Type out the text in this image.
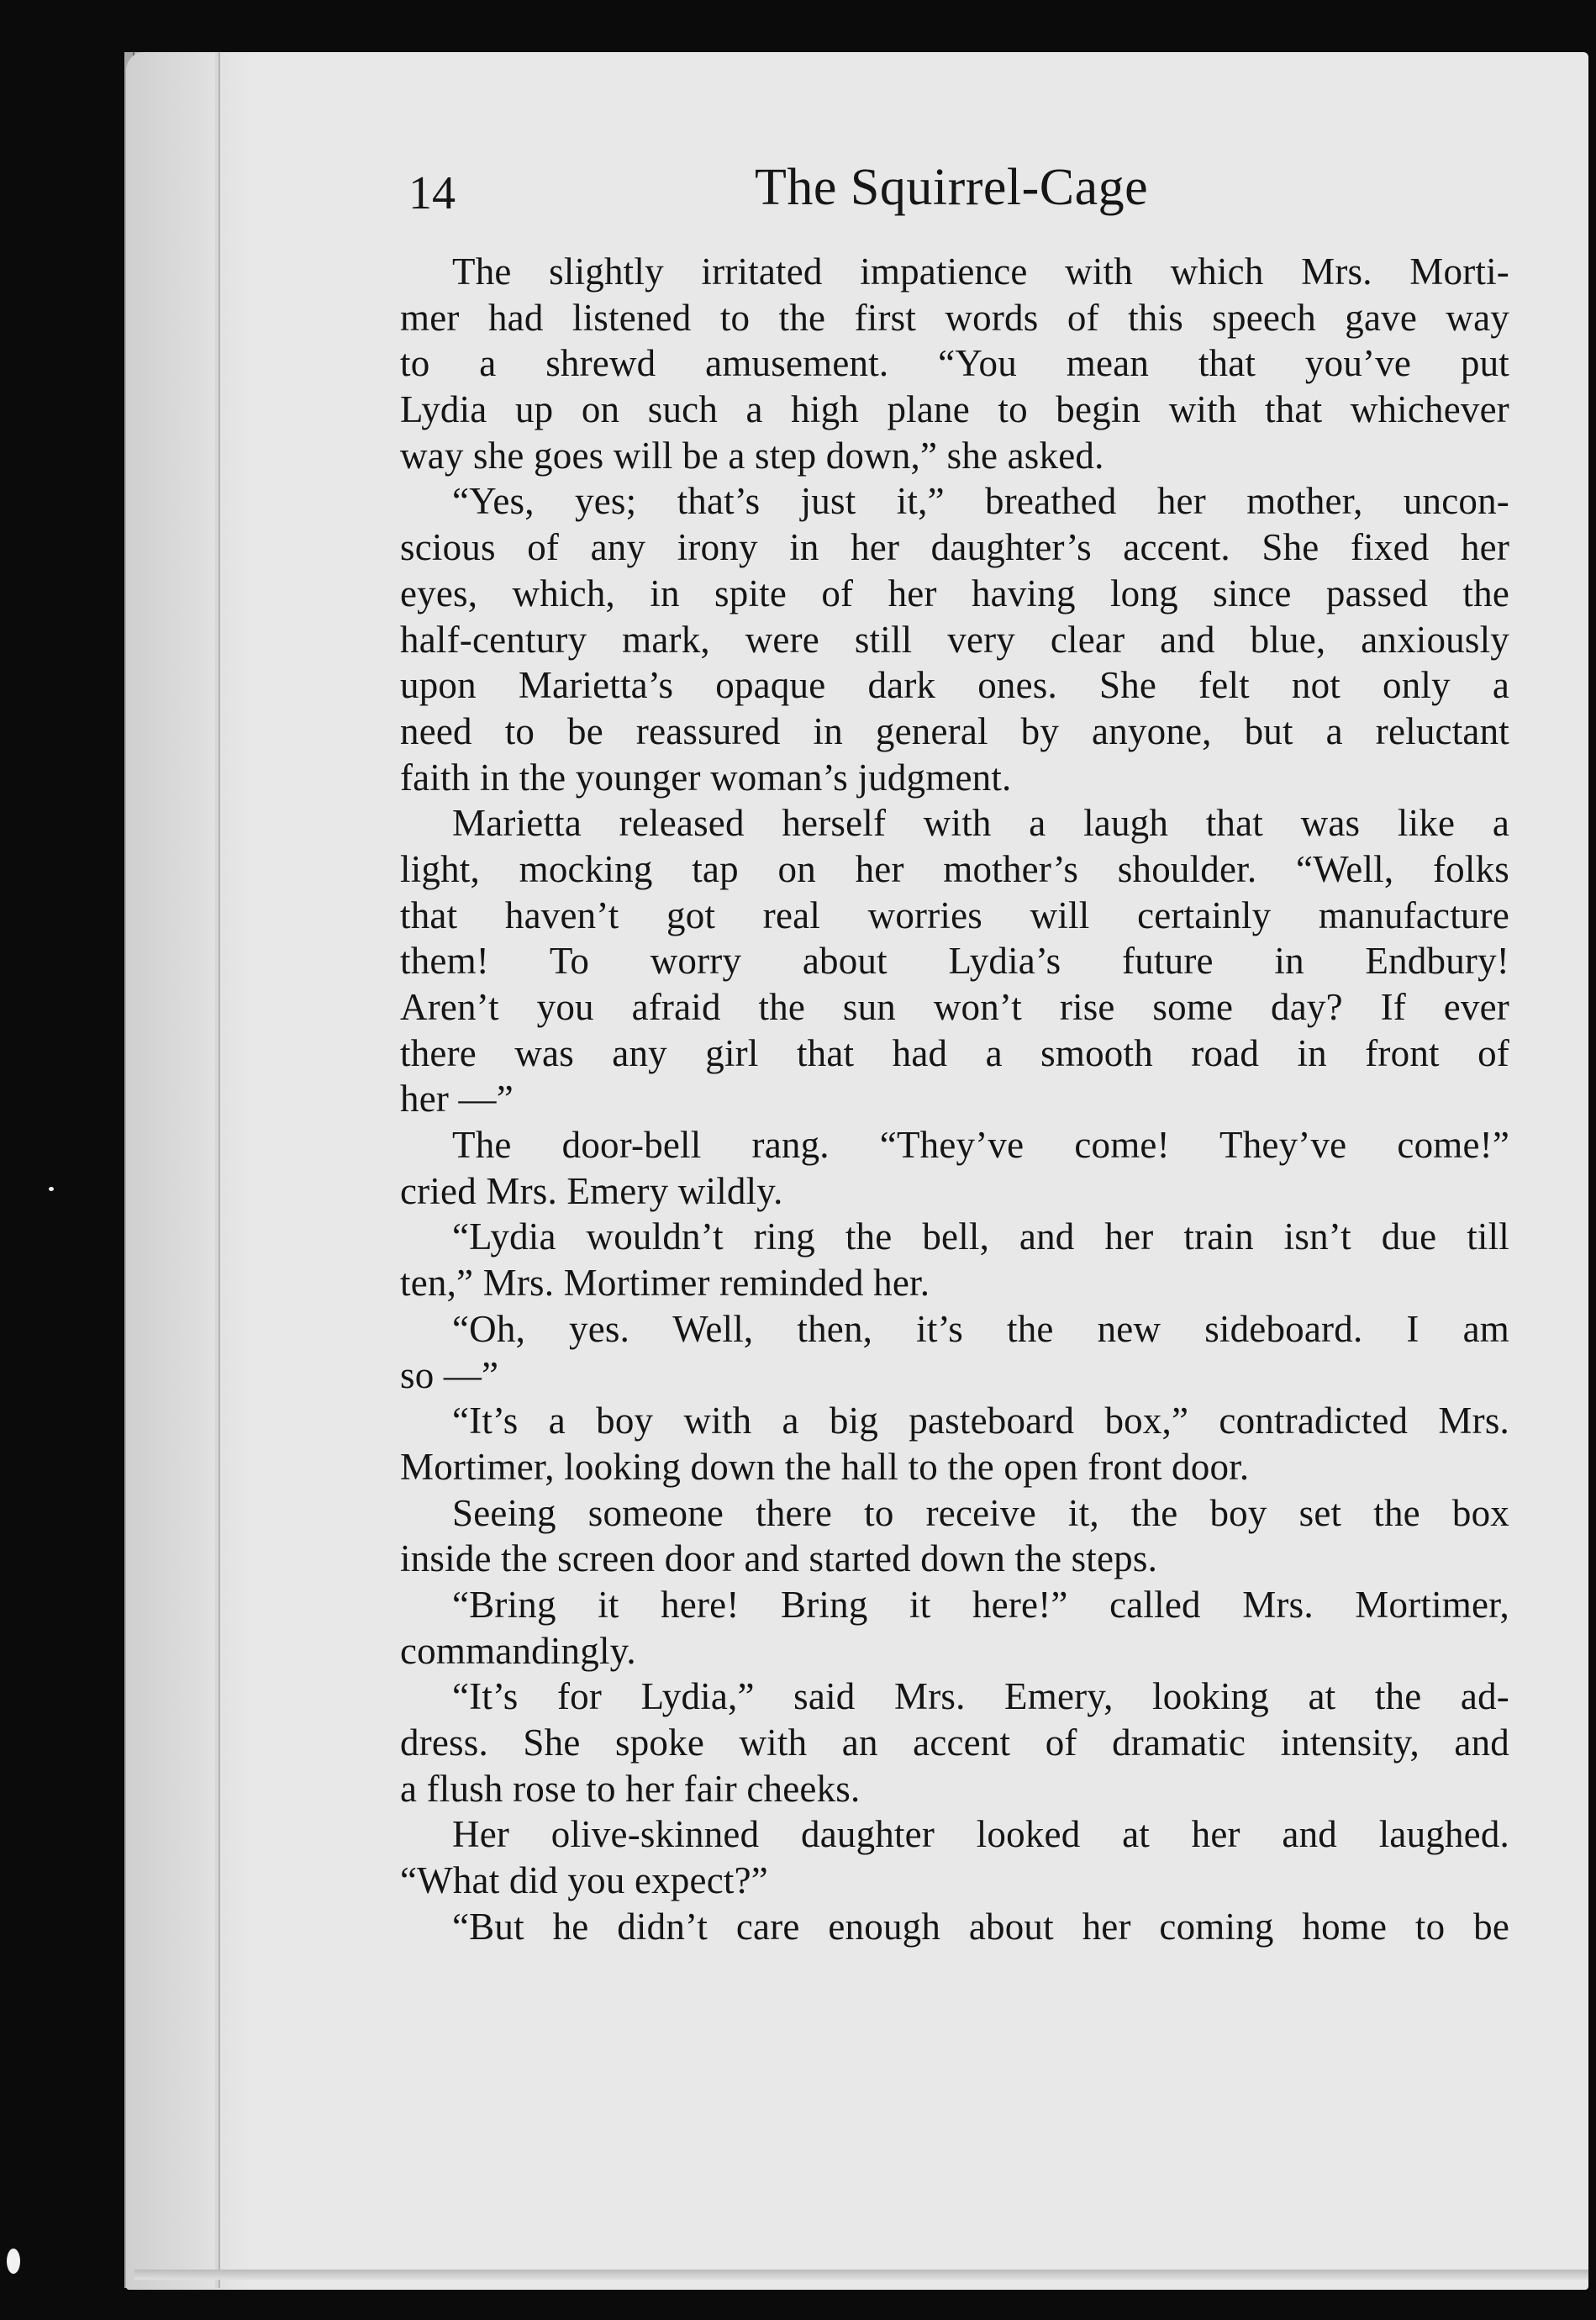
14	The Squirrel-Cage
The slightly irritated impatience with which Mrs. Morti-
mer had listened to the first words of this speech gave way
to a shrewd amusement. “You mean that you’ve put
Lydia up on such a high plane to begin with that whichever
way she goes will be a step down,” she asked.
“Yes, yes; that’s just it,” breathed her mother, uncon-
scious of any irony in her daughter’s accent. She fixed her
eyes, which, in spite of her having long since passed the
half-century mark, were still very clear and blue, anxiously
upon Marietta’s opaque dark ones. She felt not only a
need to be reassured in general by anyone, but a reluctant
faith in the younger woman’s judgment.
Marietta released herself with a laugh that was like a
light, mocking tap on her mother’s shoulder. “Well, folks
that haven’t got real worries will certainly manufacture
them! To worry about Lydia’s future in Endbury!
Aren’t you afraid the sun won’t rise some day? If ever
there was any girl that had a smooth road in front of
her —”
The door-bell rang. “They’ve come! They’ve come!”
cried Mrs. Emery wildly.
“Lydia wouldn’t ring the bell, and her train isn’t due till
ten,” Mrs. Mortimer reminded her.
“Oh, yes. Well, then, it’s the new sideboard. I am
so —”
“It’s a boy with a big pasteboard box,” contradicted Mrs.
Mortimer, looking down the hall to the open front door.
Seeing someone there to receive it, the boy set the box
inside the screen door and started down the steps.
“Bring it here! Bring it here!” called Mrs. Mortimer,
commandingly.
“It’s for Lydia,” said Mrs. Emery, looking at the ad-
dress. She spoke with an accent of dramatic intensity, and
a flush rose to her fair cheeks.
Her olive-skinned daughter looked at her and laughed.
“What did you expect?”
“But he didn’t care enough about her coming home to be
